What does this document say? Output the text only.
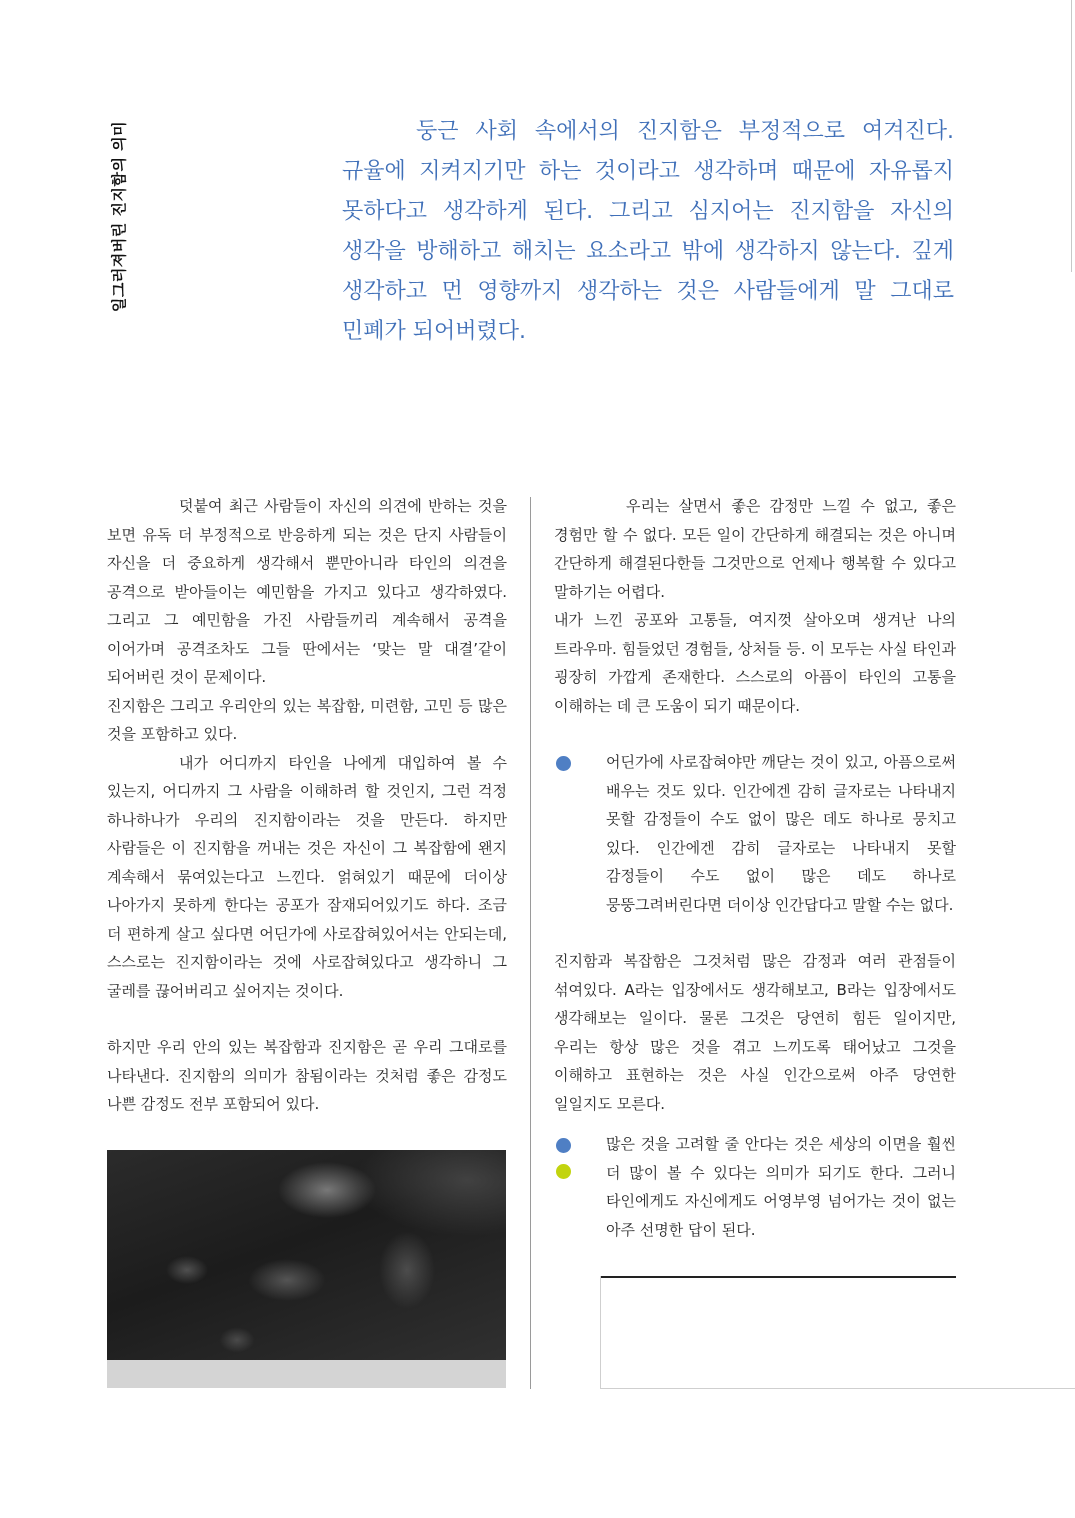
일그러져버린 진지함의 의미	둥근 사회 속에서의 진지함은 부정적으로 여겨진다. 규율에 지켜지기만 하는 것이라고 생각하며 때문에 자유롭지 못하다고 생각하게 된다. 그리고 심지어는 진지함을 자신의 생각을 방해하고 해치는 요소라고 밖에 생각하지 않는다. 깊게 생각하고 먼 영향까지 생각하는 것은 사람들에게 말 그대로 민폐가 되어버렸다.

덧붙여 최근 사람들이 자신의 의견에 반하는 것을 보면 유독 더 부정적으로 반응하게 되는 것은 단지 사람들이 자신을 더 중요하게 생각해서 뿐만아니라 타인의 의견을 공격으로 받아들이는 예민함을 가지고 있다고 생각하였다. 그리고 그 예민함을 가진 사람들끼리 계속해서 공격을 이어가며 공격조차도 그들 딴에서는 ‘맞는 말 대결’같이 되어버린 것이 문제이다.

진지함은 그리고 우리안의 있는 복잡함, 미련함, 고민 등 많은 것을 포함하고 있다.

내가 어디까지 타인을 나에게 대입하여 볼 수 있는지, 어디까지 그 사람을 이해하려 할 것인지, 그런 걱정 하나하나가 우리의 진지함이라는 것을 만든다. 하지만 사람들은 이 진지함을 꺼내는 것은 자신이 그 복잡함에 왠지 계속해서 묶여있는다고 느낀다. 얽혀있기 때문에 더이상 나아가지 못하게 한다는 공포가 잠재되어있기도 하다. 조금 더 편하게 살고 싶다면 어딘가에 사로잡혀있어서는 안되는데, 스스로는 진지함이라는 것에 사로잡혀있다고 생각하니 그 굴레를 끊어버리고 싶어지는 것이다.

하지만 우리 안의 있는 복잡함과 진지함은 곧 우리 그대로를 나타낸다. 진지함의 의미가 참됨이라는 것처럼 좋은 감정도 나쁜 감정도 전부 포함되어 있다.

우리는 살면서 좋은 감정만 느낄 수 없고, 좋은 경험만 할 수 없다. 모든 일이 간단하게 해결되는 것은 아니며 간단하게 해결된다한들 그것만으로 언제나 행복할 수 있다고 말하기는 어렵다.

내가 느낀 공포와 고통들, 여지껏 살아오며 생겨난 나의 트라우마. 힘들었던 경험들, 상처들 등. 이 모두는 사실 타인과 굉장히 가깝게 존재한다. 스스로의 아픔이 타인의 고통을 이해하는 데 큰 도움이 되기 때문이다.

어딘가에 사로잡혀야만 깨닫는 것이 있고, 아픔으로써 배우는 것도 있다. 인간에겐 감히 글자로는 나타내지 못할 감정들이 수도 없이 많은 데도 하나로 뭉치고 있다. 인간에겐 감히 글자로는 나타내지 못할 감정들이 수도 없이 많은 데도 하나로 뭉뚱그려버린다면 더이상 인간답다고 말할 수는 없다.

진지함과 복잡함은 그것처럼 많은 감정과 여러 관점들이 섞여있다. A라는 입장에서도 생각해보고, B라는 입장에서도 생각해보는 일이다. 물론 그것은 당연히 힘든 일이지만, 우리는 항상 많은 것을 겪고 느끼도록 태어났고 그것을 이해하고 표현하는 것은 사실 인간으로써 아주 당연한 일일지도 모른다.

많은 것을 고려할 줄 안다는 것은 세상의 이면을 훨씬 더 많이 볼 수 있다는 의미가 되기도 한다. 그러니 타인에게도 자신에게도 어영부영 넘어가는 것이 없는 아주 선명한 답이 된다.
